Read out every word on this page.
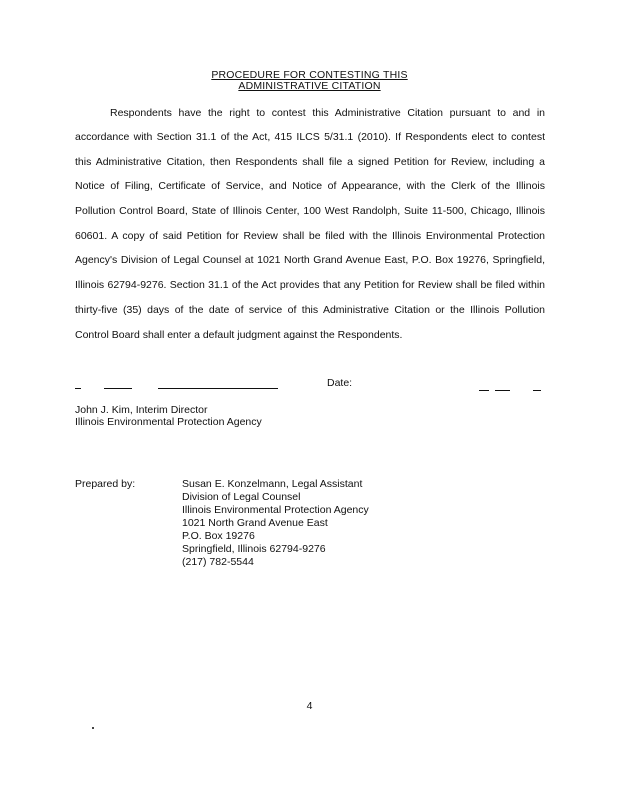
PROCEDURE FOR CONTESTING THIS
ADMINISTRATIVE CITATION
Respondents have the right to contest this Administrative Citation pursuant to and in
accordance with Section 31.1 of the Act, 415 ILCS 5/31.1 (2010). If Respondents elect to contest
this Administrative Citation, then Respondents shall file a signed Petition for Review, including a
Notice of Filing, Certificate of Service, and Notice of Appearance, with the Clerk of the Illinois
Pollution Control Board, State of Illinois Center, 100 West Randolph, Suite 11-500, Chicago, Illinois
60601. A copy of said Petition for Review shall be filed with the Illinois Environmental Protection
Agency's Division of Legal Counsel at 1021 North Grand Avenue East, P.O. Box 19276, Springfield,
Illinois 62794-9276. Section 31.1 of the Act provides that any Petition for Review shall be filed within
thirty-five (35) days of the date of service of this Administrative Citation or the Illinois Pollution
Control Board shall enter a default judgment against the Respondents.
Date:
John J. Kim, Interim Director
Illinois Environmental Protection Agency
Prepared by:	Susan E. Konzelmann, Legal Assistant
Division of Legal Counsel
Illinois Environmental Protection Agency
1021 North Grand Avenue East
P.O. Box 19276
Springfield, Illinois 62794-9276
(217) 782-5544
4
